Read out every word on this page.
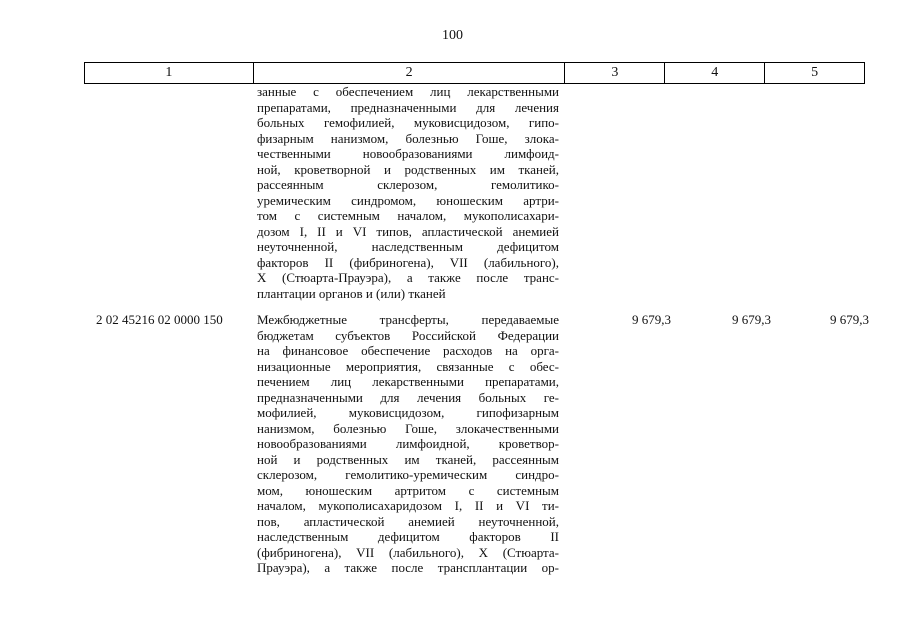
100
1	2	3	4	5
занные с обеспечением лиц лекарственными
препаратами, предназначенными для лечения
больных гемофилией, муковисцидозом, гипо-
физарным нанизмом, болезнью Гоше, злока-
чественными новообразованиями лимфоид-
ной, кроветворной и родственных им тканей,
рассеянным склерозом, гемолитико-
уремическим синдромом, юношеским артри-
том с системным началом, мукополисахари-
дозом I, II и VI типов, апластической анемией
неуточненной, наследственным дефицитом
факторов II (фибриногена), VII (лабильного),
X (Стюарта-Прауэра), а также после транс-
плантации органов и (или) тканей
2 02 45216 02 0000 150	Межбюджетные трансферты, передаваемые
бюджетам субъектов Российской Федерации
на финансовое обеспечение расходов на орга-
низационные мероприятия, связанные с обес-
печением лиц лекарственными препаратами,
предназначенными для лечения больных ге-
мофилией, муковисцидозом, гипофизарным
нанизмом, болезнью Гоше, злокачественными
новообразованиями лимфоидной, кроветвор-
ной и родственных им тканей, рассеянным
склерозом, гемолитико-уремическим синдро-
мом, юношеским артритом с системным
началом, мукополисахаридозом I, II и VI ти-
пов, апластической анемией неуточненной,
наследственным дефицитом факторов II
(фибриногена), VII (лабильного), X (Стюарта-
Прауэра), а также после трансплантации ор-
9 679,3	9 679,3	9 679,3
